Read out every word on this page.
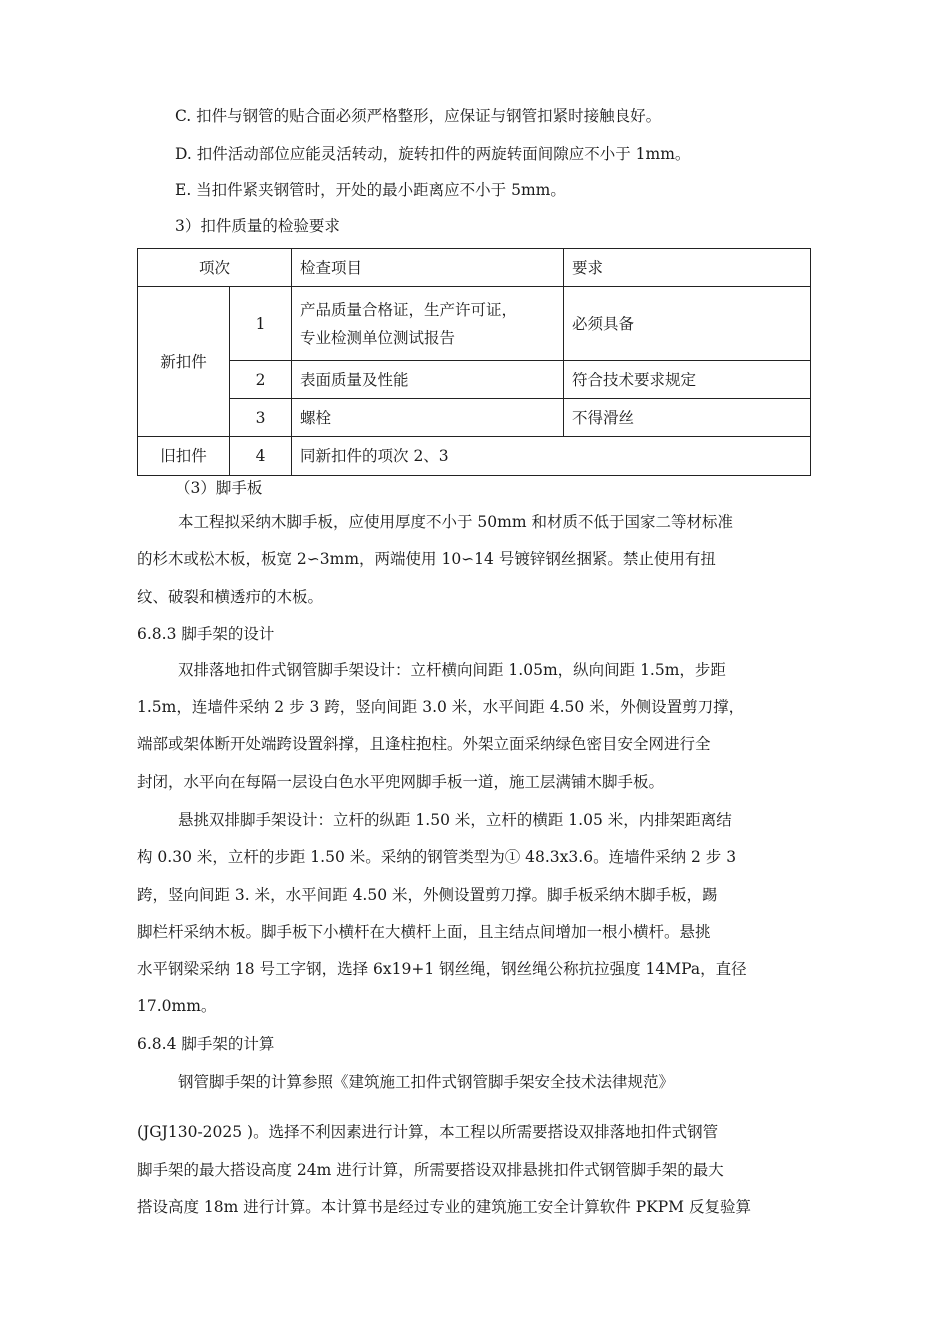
C. 扣件与钢管的贴合面必须严格整形，应保证与钢管扣紧时接触良好。
D. 扣件活动部位应能灵活转动，旋转扣件的两旋转面间隙应不小于 1mm。
E. 当扣件紧夹钢管时，开处的最小距离应不小于 5mm。
3）扣件质量的检验要求
项次		检查项目	要求
新扣件	1	产品质量合格证，生产许可证，
专业检测单位测试报告	必须具备
	2	表面质量及性能	符合技术要求规定
	3	螺栓	不得滑丝
旧扣件	4	同新扣件的项次 2、3	
（3）脚手板
本工程拟采纳木脚手板，应使用厚度不小于 50mm 和材质不低于国家二等材标准
的杉木或松木板，板宽 2∽3mm，两端使用 10∽14 号镀锌钢丝捆紧。禁止使用有扭
纹、破裂和横透疖的木板。
6.8.3 脚手架的设计
双排落地扣件式钢管脚手架设计：立杆横向间距 1.05m，纵向间距 1.5m，步距
1.5m，连墙件采纳 2 步 3 跨，竖向间距 3.0 米，水平间距 4.50 米，外侧设置剪刀撑，
端部或架体断开处端跨设置斜撑，且逢柱抱柱。外架立面采纳绿色密目安全网进行全
封闭，水平向在每隔一层设白色水平兜网脚手板一道，施工层满铺木脚手板。
悬挑双排脚手架设计：立杆的纵距 1.50 米，立杆的横距 1.05 米，内排架距离结
构 0.30 米，立杆的步距 1.50 米。采纳的钢管类型为① 48.3x3.6。连墙件采纳 2 步 3
跨，竖向间距 3. 米，水平间距 4.50 米，外侧设置剪刀撑。脚手板采纳木脚手板，踢
脚栏杆采纳木板。脚手板下小横杆在大横杆上面，且主结点间增加一根小横杆。悬挑
水平钢梁采纳 18 号工字钢，选择 6x19+1 钢丝绳，钢丝绳公称抗拉强度 14MPa，直径
17.0mm。
6.8.4 脚手架的计算
钢管脚手架的计算参照《建筑施工扣件式钢管脚手架安全技术法律规范》
(JGJ130-2025 )。选择不利因素进行计算，本工程以所需要搭设双排落地扣件式钢管
脚手架的最大搭设高度 24m 进行计算，所需要搭设双排悬挑扣件式钢管脚手架的最大
搭设高度 18m 进行计算。本计算书是经过专业的建筑施工安全计算软件 PKPM 反复验算
